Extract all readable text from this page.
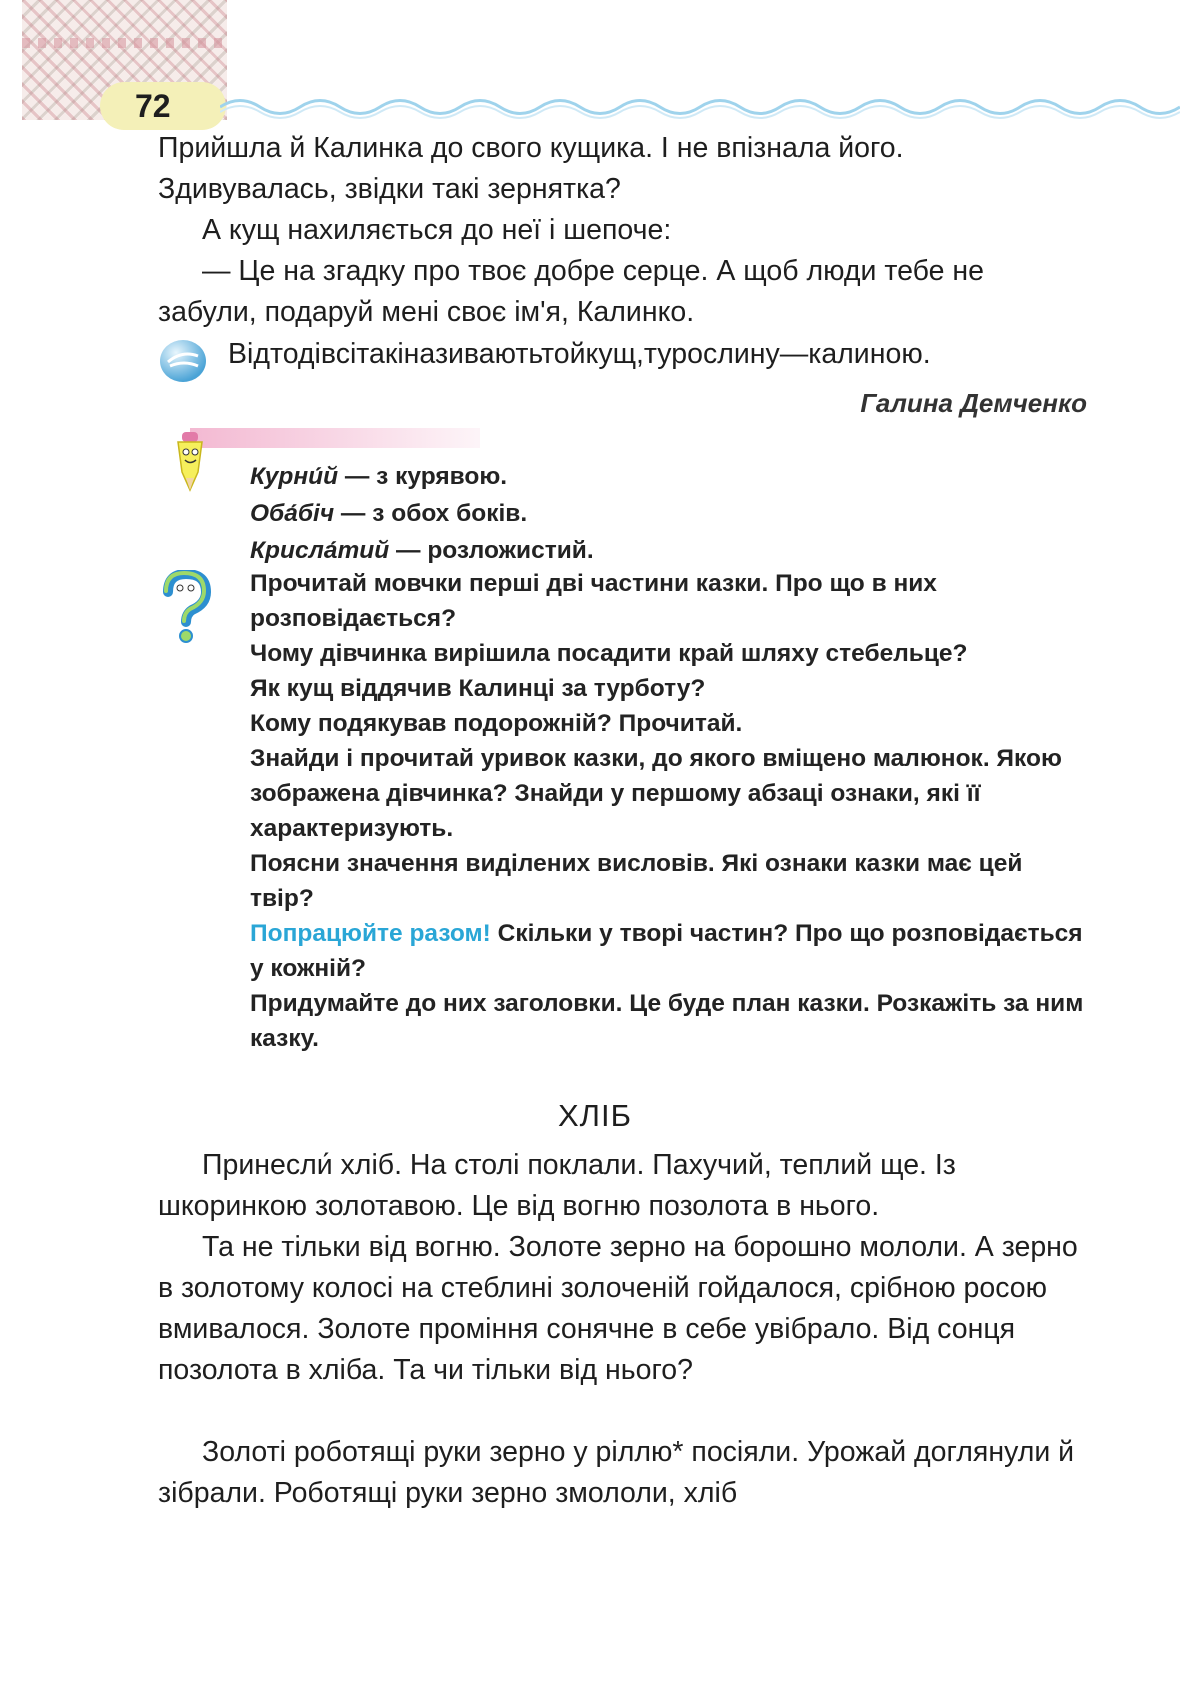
72

Прийшла й Калинка до свого кущика. І не впізнала його. Здивувалась, звідки такі зернятка?

А кущ нахиляється до неї і шепоче:

— Це на згадку про твоє добре серце. А щоб люди тебе не забули, подаруй мені своє ім'я, Калинко.

Відтодівсітакіназиваютьтойкущ,турослину—калиною.

Галина Демченко

Курни́й — з курявою.

Оба́біч — з обох боків.

Крисла́тий — розложистий.

Прочитай мовчки перші дві частини казки. Про що в них розповідається?

Чому дівчинка вирішила посадити край шляху стебельце?

Як кущ віддячив Калинці за турботу?

Кому подякував подорожній? Прочитай.

Знайди і прочитай уривок казки, до якого вміщено малюнок. Якою зображена дівчинка? Знайди у першому абзаці ознаки, які її характеризують.

Поясни значення виділених висловів. Які ознаки казки має цей твір?

Попрацюйте разом! Скільки у творі частин? Про що розповідається у кожній?

Придумайте до них заголовки. Це буде план казки. Розкажіть за ним казку.

ХЛІБ

Принесли́ хліб. На столі поклали. Пахучий, теплий ще. Із шкоринкою золотавою. Це від вогню позолота в нього.

Та не тільки від вогню. Золоте зерно на борошно мололи. А зерно в золотому колосі на стеблині золоченій гойдалося, срібною росою вмивалося. Золоте проміння сонячне в себе увібрало. Від сонця позолота в хліба. Та чи тільки від нього?

Золоті роботящі руки зерно у ріллю* посіяли. Урожай доглянули й зібрали. Роботящі руки зерно змололи, хліб
